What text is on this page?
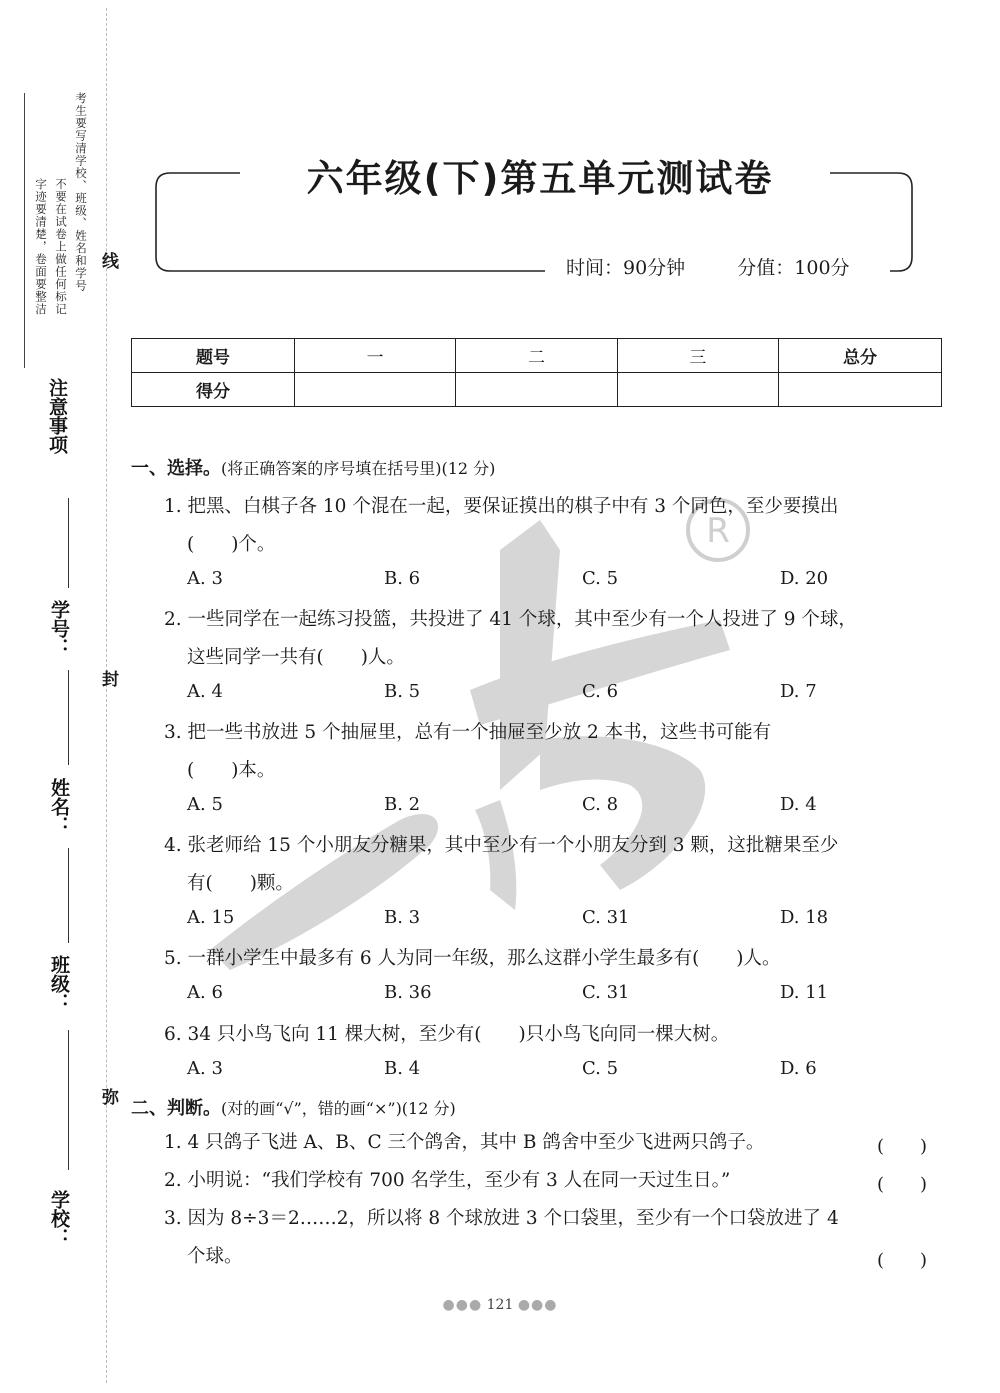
考生要写清学校、班级、姓名和学号
不要在试卷上做任何标记
字迹要清楚，卷面要整洁
注意事项
学号：
姓名：
班级：
学校：
线
封
弥
R
六年级(下)第五单元测试卷
时间：90分钟	分值：100分
题号	一	二	三	总分
得分				
一、选择。(将正确答案的序号填在括号里)(12 分)
1. 把黑、白棋子各 10 个混在一起，要保证摸出的棋子中有 3 个同色，至少要摸出
(　　)个。
A. 3	B. 6	C. 5	D. 20
2. 一些同学在一起练习投篮，共投进了 41 个球，其中至少有一个人投进了 9 个球，
这些同学一共有(　　)人。
A. 4	B. 5	C. 6	D. 7
3. 把一些书放进 5 个抽屉里，总有一个抽屉至少放 2 本书，这些书可能有
(　　)本。
A. 5	B. 2	C. 8	D. 4
4. 张老师给 15 个小朋友分糖果，其中至少有一个小朋友分到 3 颗，这批糖果至少
有(　　)颗。
A. 15	B. 3	C. 31	D. 18
5. 一群小学生中最多有 6 人为同一年级，那么这群小学生最多有(　　)人。
A. 6	B. 36	C. 31	D. 11
6. 34 只小鸟飞向 11 棵大树，至少有(　　)只小鸟飞向同一棵大树。
A. 3	B. 4	C. 5	D. 6
二、判断。(对的画“√”，错的画“×”)(12 分)
1. 4 只鸽子飞进 A、B、C 三个鸽舍，其中 B 鸽舍中至少飞进两只鸽子。	(　　)
2. 小明说：“我们学校有 700 名学生，至少有 3 人在同一天过生日。”	(　　)
3. 因为 8÷3＝2……2，所以将 8 个球放进 3 个口袋里，至少有一个口袋放进了 4
个球。	(　　)
●●● 121 ●●●
